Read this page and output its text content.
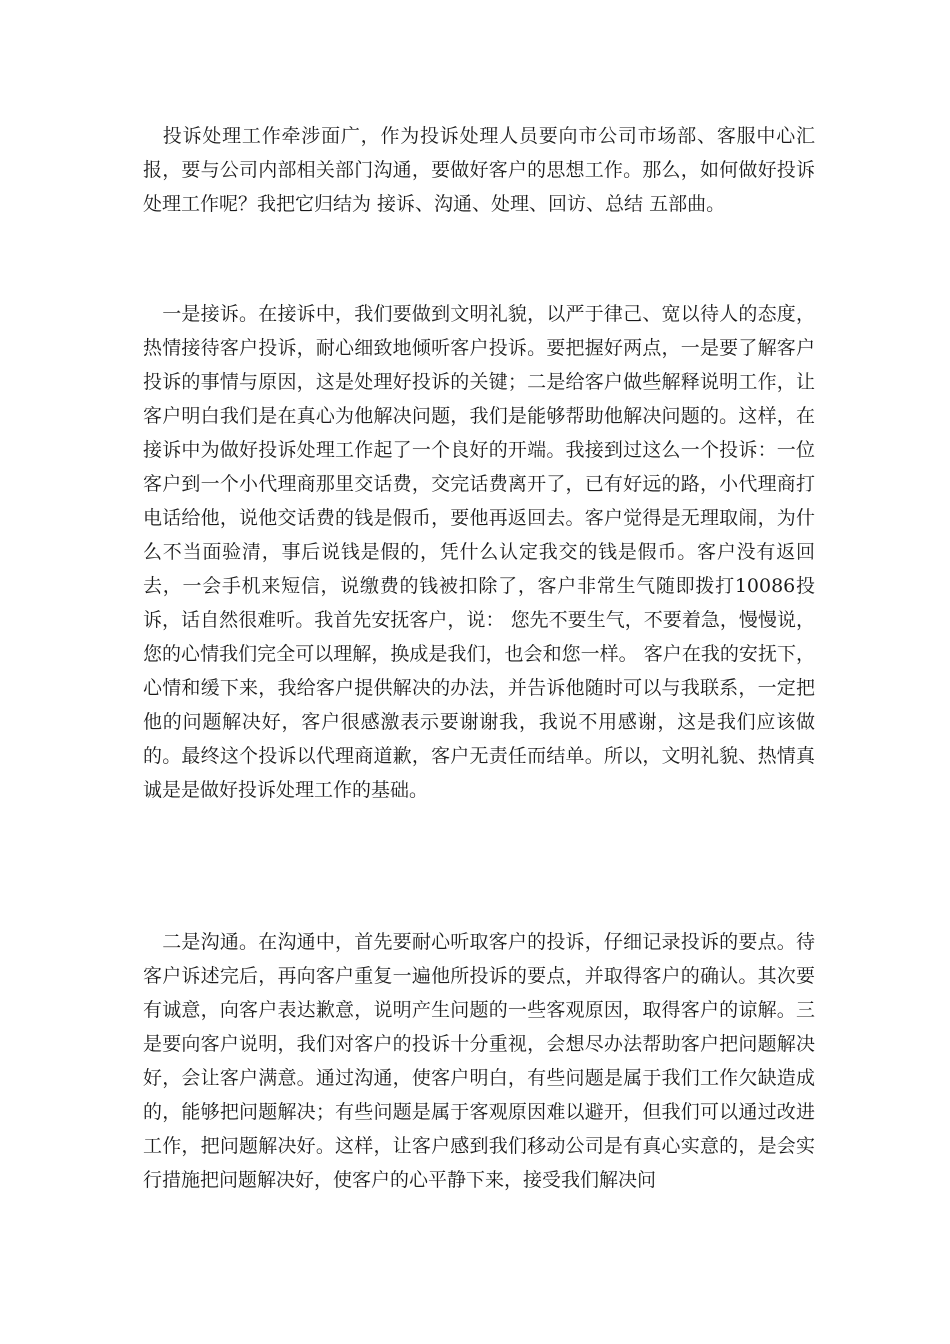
　投诉处理工作牵涉面广，作为投诉处理人员要向市公司市场部、客服中心汇报，要与公司内部相关部门沟通，要做好客户的思想工作。那么，如何做好投诉处理工作呢？我把它归结为 接诉、沟通、处理、回访、总结 五部曲。

　一是接诉。在接诉中，我们要做到文明礼貌，以严于律己、宽以待人的态度，热情接待客户投诉，耐心细致地倾听客户投诉。要把握好两点，一是要了解客户投诉的事情与原因，这是处理好投诉的关键；二是给客户做些解释说明工作，让客户明白我们是在真心为他解决问题，我们是能够帮助他解决问题的。这样，在接诉中为做好投诉处理工作起了一个良好的开端。我接到过这么一个投诉：一位客户到一个小代理商那里交话费，交完话费离开了，已有好远的路，小代理商打电话给他，说他交话费的钱是假币，要他再返回去。客户觉得是无理取闹，为什么不当面验清，事后说钱是假的，凭什么认定我交的钱是假币。客户没有返回去，一会手机来短信，说缴费的钱被扣除了，客户非常生气随即拨打10086投诉，话自然很难听。我首先安抚客户，说： 您先不要生气，不要着急，慢慢说，您的心情我们完全可以理解，换成是我们，也会和您一样。 客户在我的安抚下，心情和缓下来，我给客户提供解决的办法，并告诉他随时可以与我联系，一定把他的问题解决好，客户很感激表示要谢谢我，我说不用感谢，这是我们应该做的。最终这个投诉以代理商道歉，客户无责任而结单。所以，文明礼貌、热情真诚是是做好投诉处理工作的基础。

　二是沟通。在沟通中，首先要耐心听取客户的投诉，仔细记录投诉的要点。待客户诉述完后，再向客户重复一遍他所投诉的要点，并取得客户的确认。其次要有诚意，向客户表达歉意，说明产生问题的一些客观原因，取得客户的谅解。三是要向客户说明，我们对客户的投诉十分重视，会想尽办法帮助客户把问题解决好，会让客户满意。通过沟通，使客户明白，有些问题是属于我们工作欠缺造成的，能够把问题解决；有些问题是属于客观原因难以避开，但我们可以通过改进工作，把问题解决好。这样，让客户感到我们移动公司是有真心实意的，是会实行措施把问题解决好，使客户的心平静下来，接受我们解决问
